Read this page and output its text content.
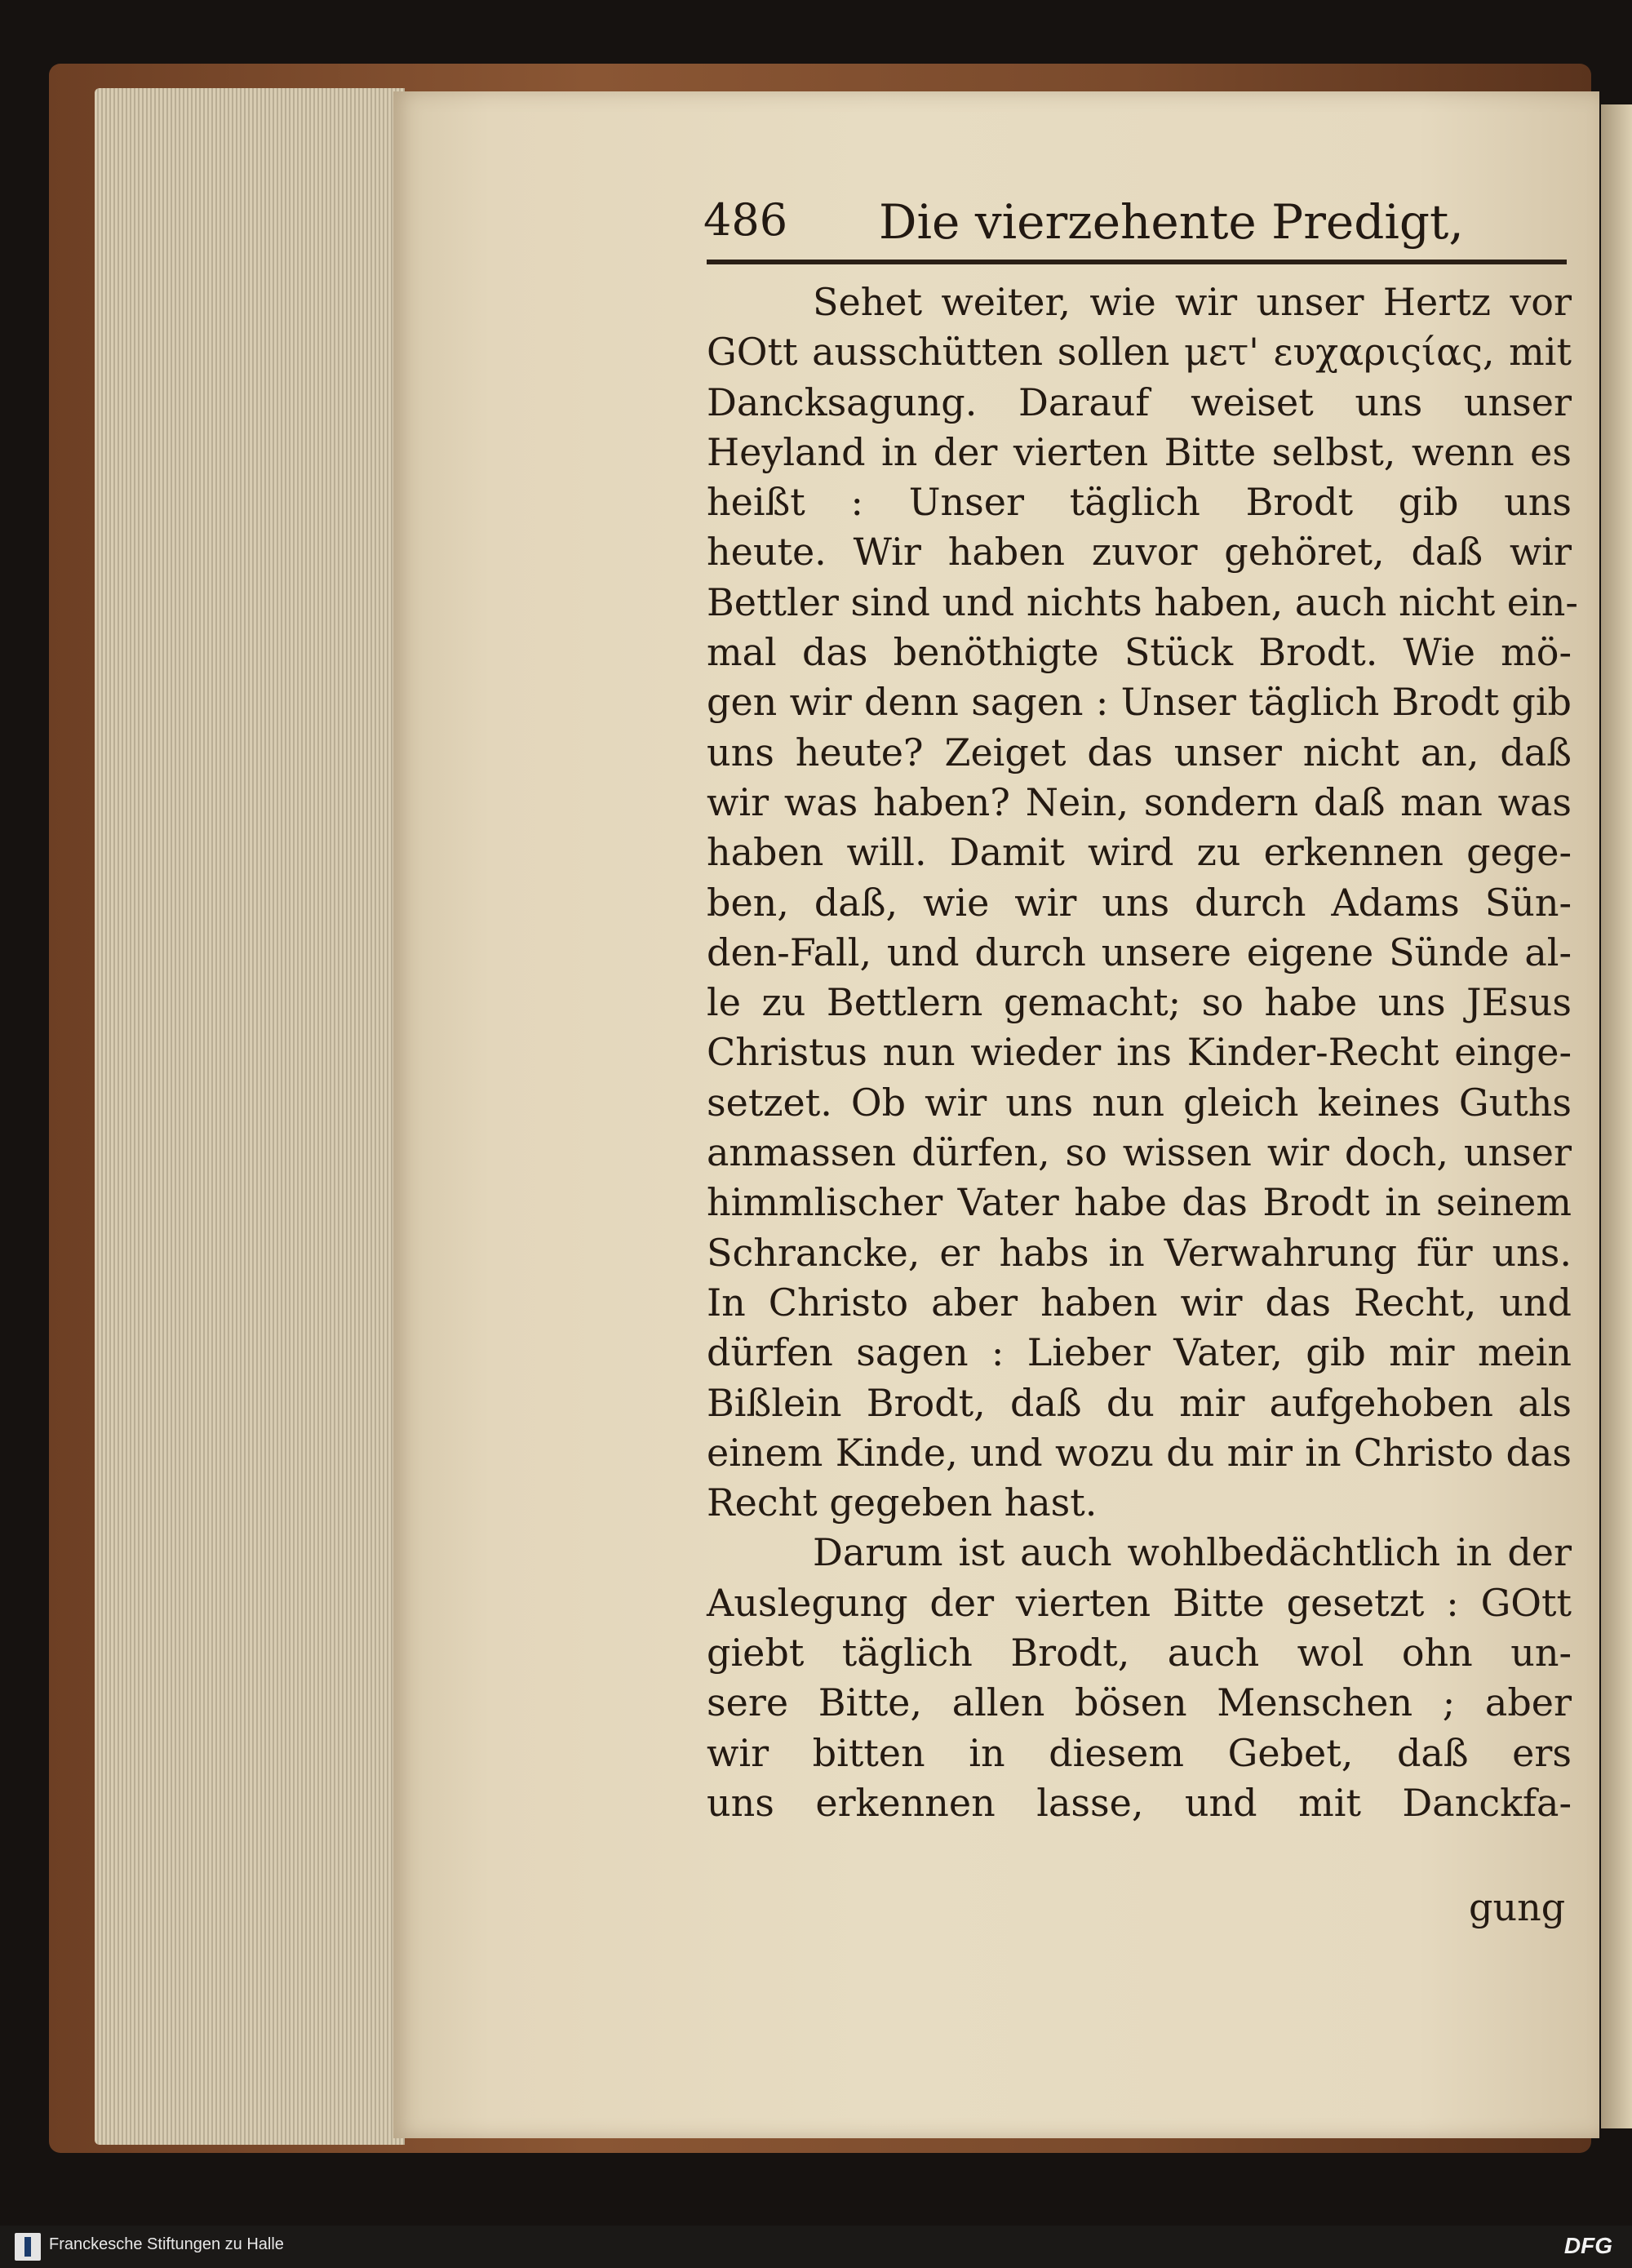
486 Die vierzehente Predigt,
Sehet weiter, wie wir unser Hertz vor
GOtt ausschütten sollen μετ' ευχαριςίας, mit
Dancksagung. Darauf weiset uns unser
Heyland in der vierten Bitte selbst, wenn es
heißt : Unser täglich Brodt gib uns
heute. Wir haben zuvor gehöret, daß wir
Bettler sind und nichts haben, auch nicht ein-
mal das benöthigte Stück Brodt. Wie mö-
gen wir denn sagen : Unser täglich Brodt gib
uns heute? Zeiget das unser nicht an, daß
wir was haben? Nein, sondern daß man was
haben will. Damit wird zu erkennen gege-
ben, daß, wie wir uns durch Adams Sün-
den-Fall, und durch unsere eigene Sünde al-
le zu Bettlern gemacht; so habe uns JEsus
Christus nun wieder ins Kinder-Recht einge-
setzet. Ob wir uns nun gleich keines Guths
anmassen dürfen, so wissen wir doch, unser
himmlischer Vater habe das Brodt in seinem
Schrancke, er habs in Verwahrung für uns.
In Christo aber haben wir das Recht, und
dürfen sagen : Lieber Vater, gib mir mein
Bißlein Brodt, daß du mir aufgehoben als
einem Kinde, und wozu du mir in Christo das
Recht gegeben hast.
Darum ist auch wohlbedächtlich in der
Auslegung der vierten Bitte gesetzt : GOtt
giebt täglich Brodt, auch wol ohn un-
sere Bitte, allen bösen Menschen ; aber
wir bitten in diesem Gebet, daß ers
uns erkennen lasse, und mit Danckfa-
gung
Franckesche Stiftungen zu Halle	DFG
